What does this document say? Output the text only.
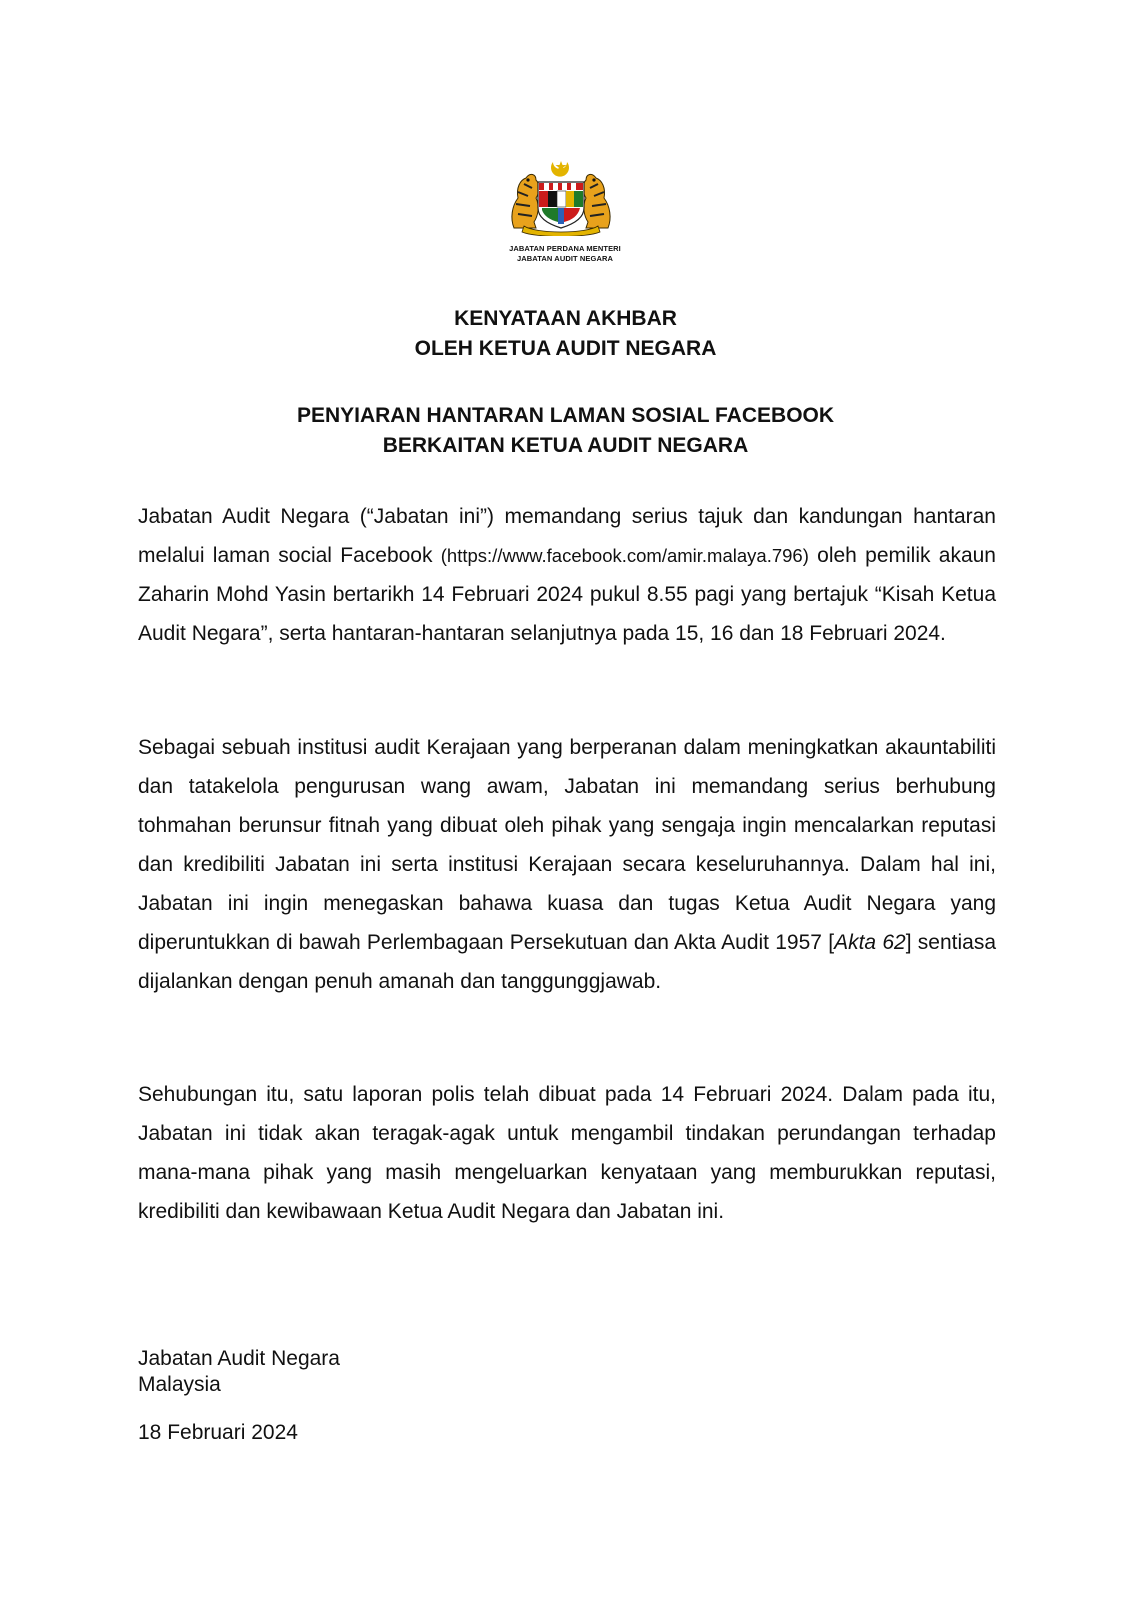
JABATAN PERDANA MENTERI
JABATAN AUDIT NEGARA
KENYATAAN AKHBAR
OLEH KETUA AUDIT NEGARA
PENYIARAN HANTARAN LAMAN SOSIAL FACEBOOK
BERKAITAN KETUA AUDIT NEGARA

Jabatan Audit Negara (“Jabatan ini”) memandang serius tajuk dan kandungan hantaran melalui laman social Facebook (https://www.facebook.com/amir.malaya.796) oleh pemilik akaun Zaharin Mohd Yasin bertarikh 14 Februari 2024 pukul 8.55 pagi yang bertajuk “Kisah Ketua Audit Negara”, serta hantaran-hantaran selanjutnya pada 15, 16 dan 18 Februari 2024.

Sebagai sebuah institusi audit Kerajaan yang berperanan dalam meningkatkan akauntabiliti dan tatakelola pengurusan wang awam, Jabatan ini memandang serius berhubung tohmahan berunsur fitnah yang dibuat oleh pihak yang sengaja ingin mencalarkan reputasi dan kredibiliti Jabatan ini serta institusi Kerajaan secara keseluruhannya. Dalam hal ini, Jabatan ini ingin menegaskan bahawa kuasa dan tugas Ketua Audit Negara yang diperuntukkan di bawah Perlembagaan Persekutuan dan Akta Audit 1957 [Akta 62] sentiasa dijalankan dengan penuh amanah dan tanggunggjawab.

Sehubungan itu, satu laporan polis telah dibuat pada 14 Februari 2024. Dalam pada itu, Jabatan ini tidak akan teragak-agak untuk mengambil tindakan perundangan terhadap mana-mana pihak yang masih mengeluarkan kenyataan yang memburukkan reputasi, kredibiliti dan kewibawaan Ketua Audit Negara dan Jabatan ini.

Jabatan Audit Negara

Malaysia

18 Februari 2024
